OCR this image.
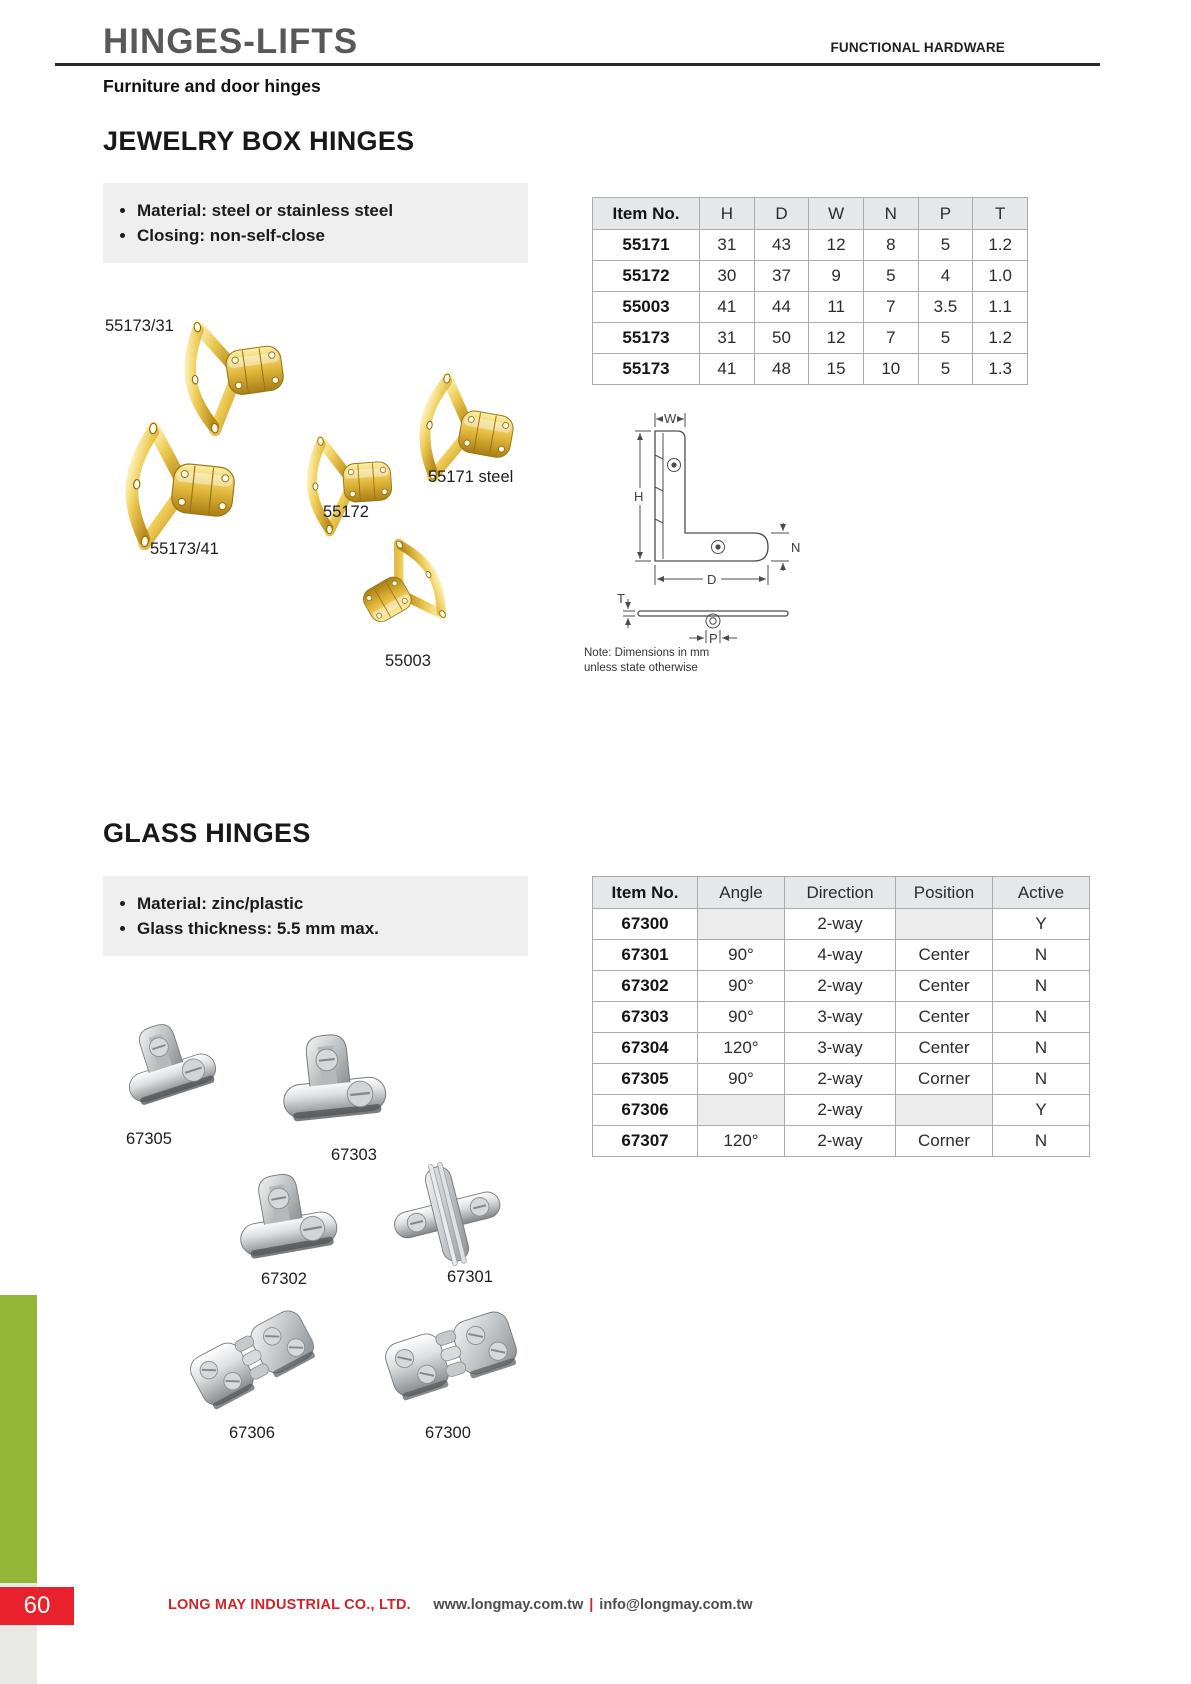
HINGES-LIFTS	FUNCTIONAL HARDWARE
Furniture and door hinges
JEWELRY BOX HINGES
• Material: steel or stainless steel
• Closing: non-self-close
Item No.	H	D	W	N	P	T
55171	31	43	12	8	5	1.2
55172	30	37	9	5	4	1.0
55003	41	44	11	7	3.5	1.1
55173	31	50	12	7	5	1.2
55173	41	48	15	10	5	1.3
55173/31
55173/41
55172
55171 steel
55003
W
H
N
D
T
P
Note: Dimensions in mm
unless state otherwise
GLASS HINGES
• Material: zinc/plastic
• Glass thickness: 5.5 mm max.
Item No.	Angle	Direction	Position	Active
67300		2-way		Y
67301	90°	4-way	Center	N
67302	90°	2-way	Center	N
67303	90°	3-way	Center	N
67304	120°	3-way	Center	N
67305	90°	2-way	Corner	N
67306		2-way		Y
67307	120°	2-way	Corner	N
67305
67303
67302	67301
67306	67300
60	LONG MAY INDUSTRIAL CO., LTD. www.longmay.com.tw | info@longmay.com.tw
